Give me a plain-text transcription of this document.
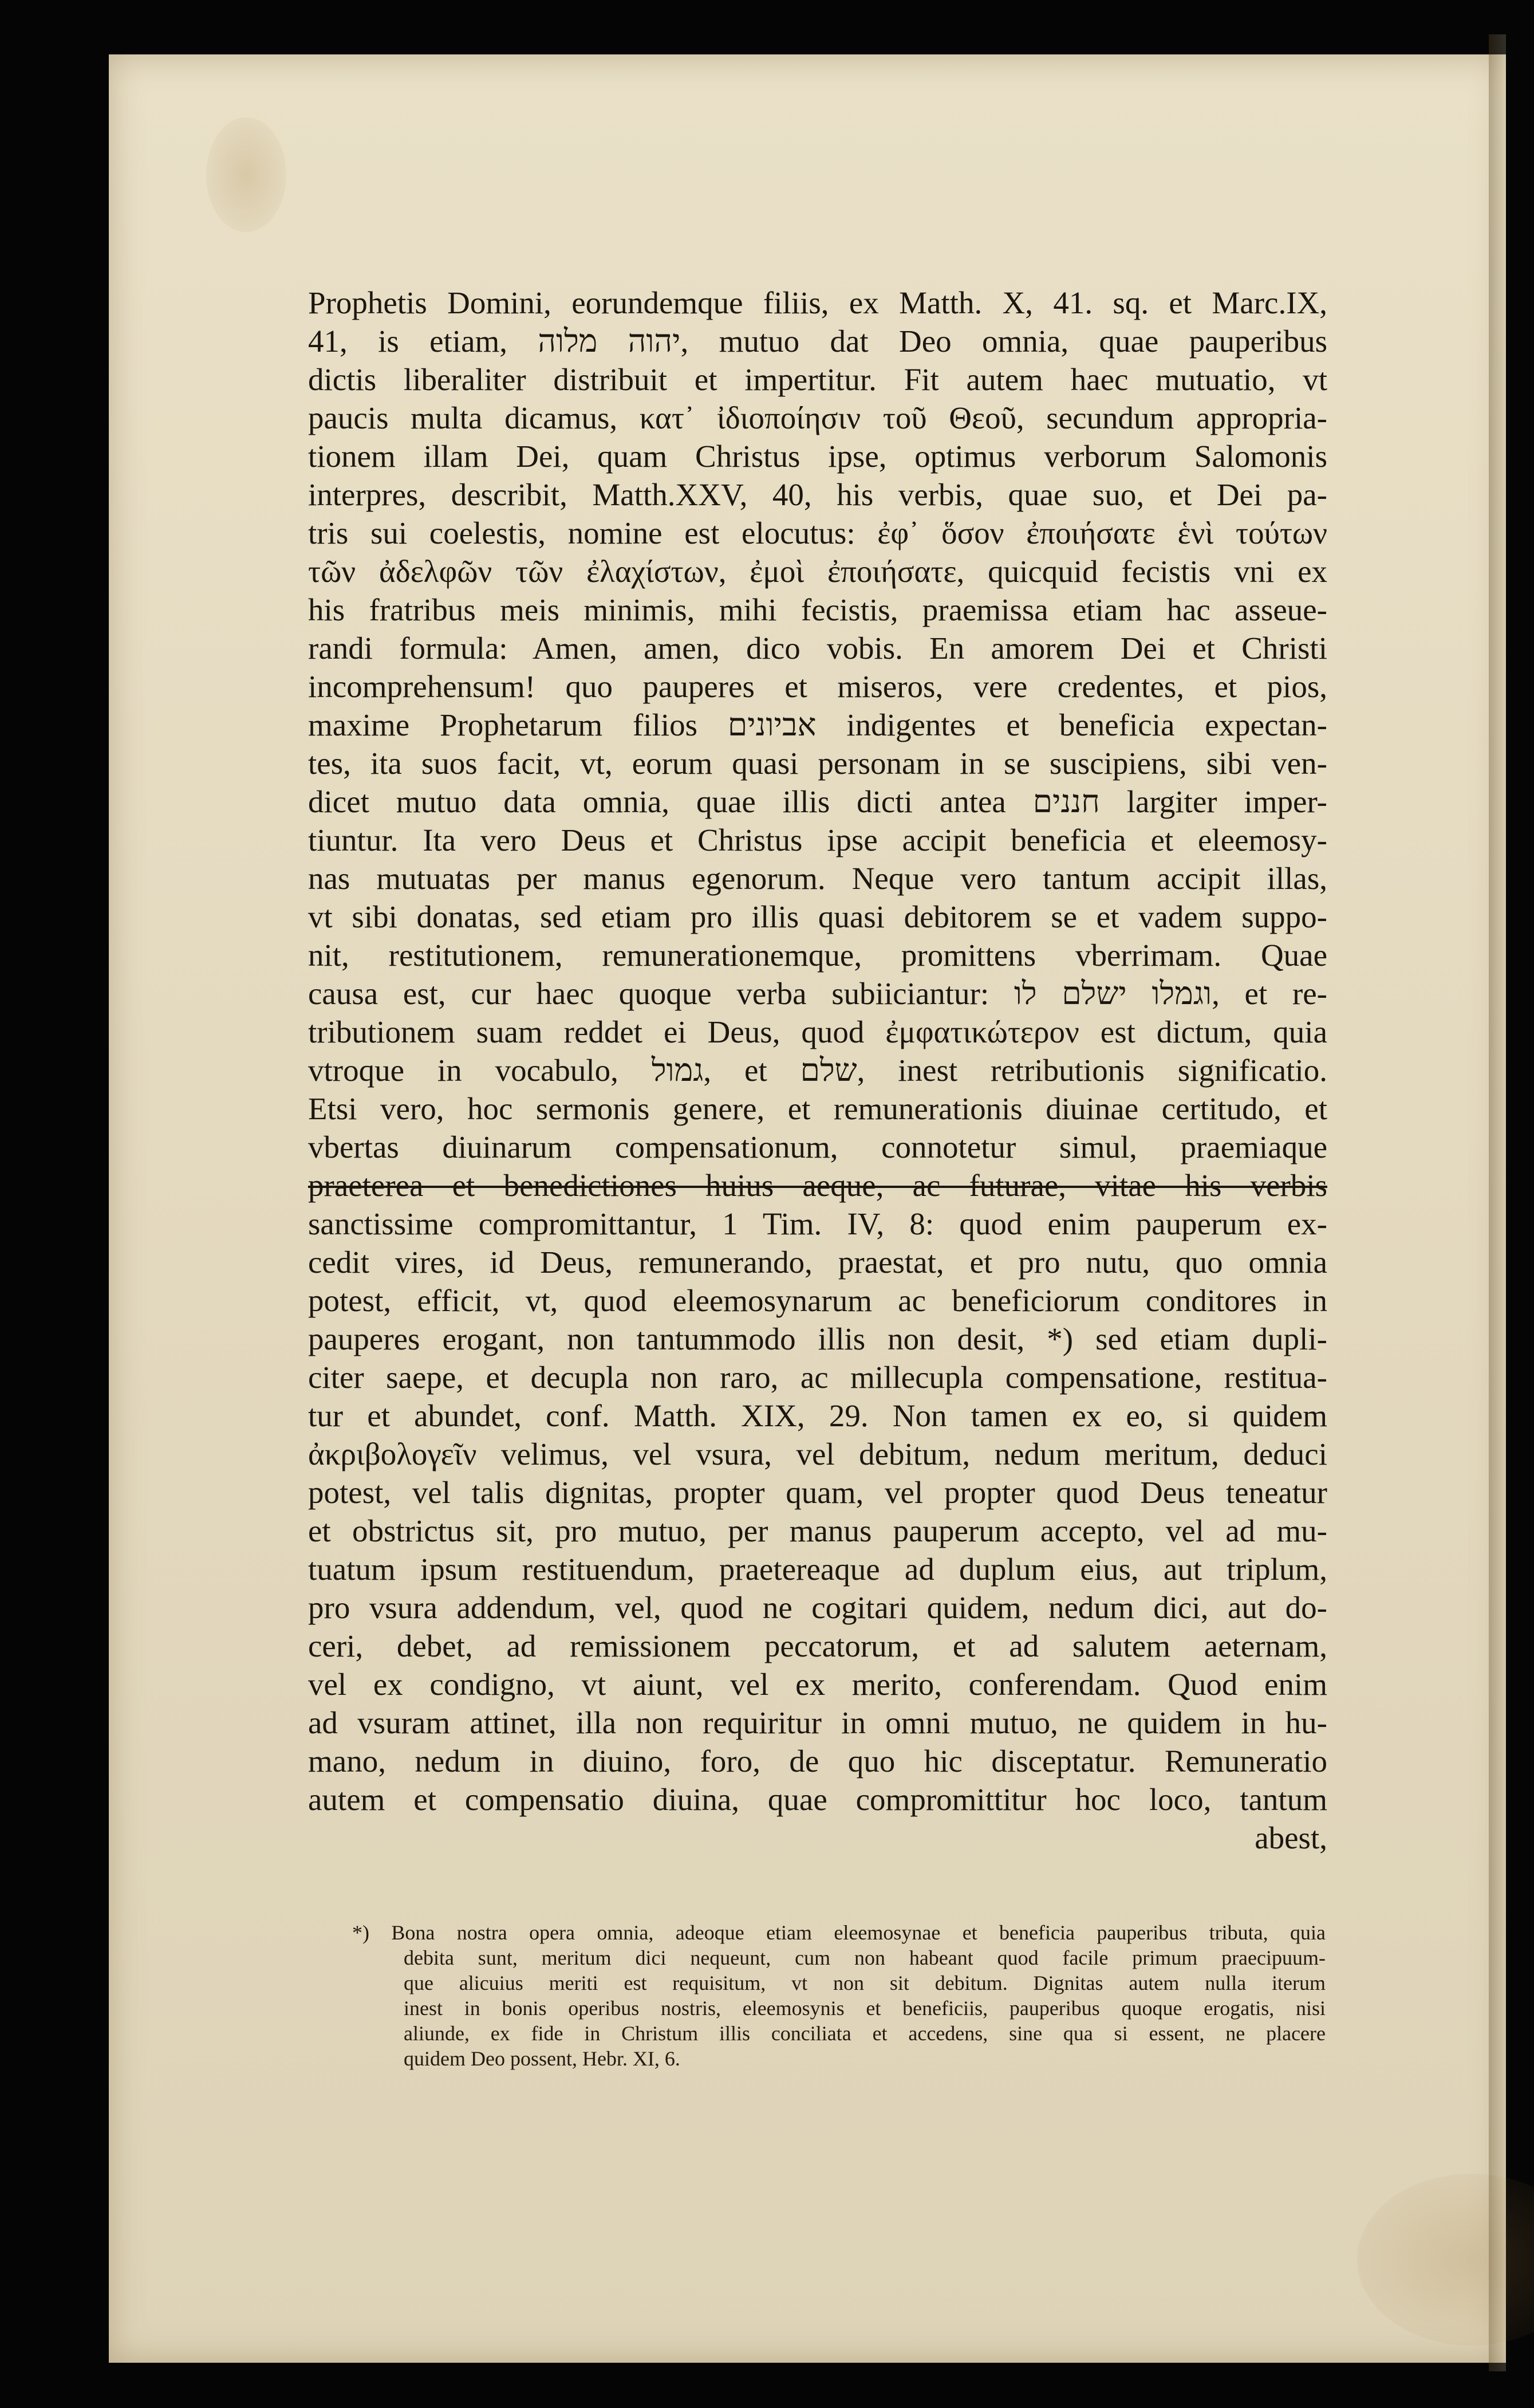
Prophetis Domini, eorundemque filiis, ex Matth. X, 41. sq. et Marc.IX,
41, is etiam, יהוה מלוה, mutuo dat Deo omnia, quae pauperibus
dictis liberaliter distribuit et impertitur. Fit autem haec mutuatio, vt
paucis multa dicamus, κατ᾽ ἰδιοποίησιν τοῦ Θεοῦ, secundum appropria-
tionem illam Dei, quam Christus ipse, optimus verborum Salomonis
interpres, describit, Matth.XXV, 40, his verbis, quae suo, et Dei pa-
tris sui coelestis, nomine est elocutus: ἐφ᾽ ὅσον ἐποιήσατε ἑνὶ τούτων
τῶν ἀδελφῶν τῶν ἐλαχίστων, ἐμοὶ ἐποιήσατε, quicquid fecistis vni ex
his fratribus meis minimis, mihi fecistis, praemissa etiam hac asseue-
randi formula: Amen, amen, dico vobis. En amorem Dei et Christi
incomprehensum! quo pauperes et miseros, vere credentes, et pios,
maxime Prophetarum filios אביונים indigentes et beneficia expectan-
tes, ita suos facit, vt, eorum quasi personam in se suscipiens, sibi ven-
dicet mutuo data omnia, quae illis dicti antea חננים largiter imper-
tiuntur. Ita vero Deus et Christus ipse accipit beneficia et eleemosy-
nas mutuatas per manus egenorum. Neque vero tantum accipit illas,
vt sibi donatas, sed etiam pro illis quasi debitorem se et vadem suppo-
nit, restitutionem, remunerationemque, promittens vberrimam. Quae
causa est, cur haec quoque verba subiiciantur: וגמלו ישלם לו, et re-
tributionem suam reddet ei Deus, quod ἐμφατικώτερον est dictum, quia
vtroque in vocabulo, גמול, et שלם, inest retributionis significatio.
Etsi vero, hoc sermonis genere, et remunerationis diuinae certitudo, et
vbertas diuinarum compensationum, connotetur simul, praemiaque
praeterea et benedictiones huius aeque, ac futurae, vitae his verbis
sanctissime compromittantur, 1 Tim. IV, 8: quod enim pauperum ex-
cedit vires, id Deus, remunerando, praestat, et pro nutu, quo omnia
potest, efficit, vt, quod eleemosynarum ac beneficiorum conditores in
pauperes erogant, non tantummodo illis non desit, *) sed etiam dupli-
citer saepe, et decupla non raro, ac millecupla compensatione, restitua-
tur et abundet, conf. Matth. XIX, 29. Non tamen ex eo, si quidem
ἀκριβολογεῖν velimus, vel vsura, vel debitum, nedum meritum, deduci
potest, vel talis dignitas, propter quam, vel propter quod Deus teneatur
et obstrictus sit, pro mutuo, per manus pauperum accepto, vel ad mu-
tuatum ipsum restituendum, praetereaque ad duplum eius, aut triplum,
pro vsura addendum, vel, quod ne cogitari quidem, nedum dici, aut do-
ceri, debet, ad remissionem peccatorum, et ad salutem aeternam,
vel ex condigno, vt aiunt, vel ex merito, conferendam. Quod enim
ad vsuram attinet, illa non requiritur in omni mutuo, ne quidem in hu-
mano, nedum in diuino, foro, de quo hic disceptatur. Remuneratio
autem et compensatio diuina, quae compromittitur hoc loco, tantum
abest,
*) Bona nostra opera omnia, adeoque etiam eleemosynae et beneficia pauperibus tributa, quia
debita sunt, meritum dici nequeunt, cum non habeant quod facile primum praecipuum-
que alicuius meriti est requisitum, vt non sit debitum. Dignitas autem nulla iterum
inest in bonis operibus nostris, eleemosynis et beneficiis, pauperibus quoque erogatis, nisi
aliunde, ex fide in Christum illis conciliata et accedens, sine qua si essent, ne placere
quidem Deo possent, Hebr. XI, 6.
